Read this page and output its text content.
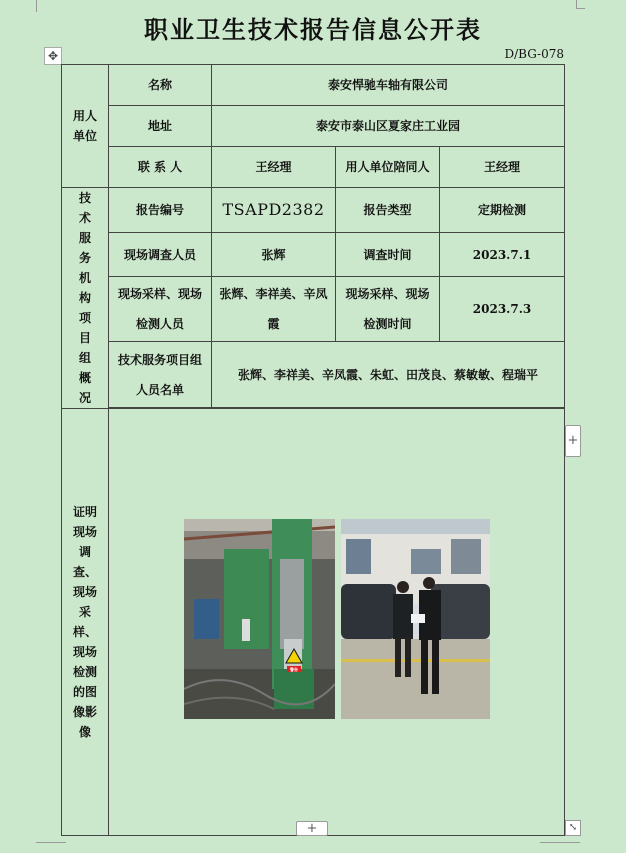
职业卫生技术报告信息公开表
✥	D/BG-078
用人单位	名称	泰安悍驰车轴有限公司		
	地址	泰安市泰山区夏家庄工业园		
	联 系 人	王经理	用人单位陪同人	王经理

技术服务机构项目组概况	报告编号	TSAPD2382	报告类型	定期检测
	现场调查人员	张辉	调查时间	2023.7.1

	现场采样、现场检测人员	张辉、李祥美、辛凤霞	现场采样、现场检测时间	2023.7.3

	技术服务项目组人员名单	张辉、李祥美、辛凤霞、朱虹、田茂良、蔡敏敏、程瑞平		

证明现场调查、现场采样、现场检测的图像影像	警告			
+
+	⤡
